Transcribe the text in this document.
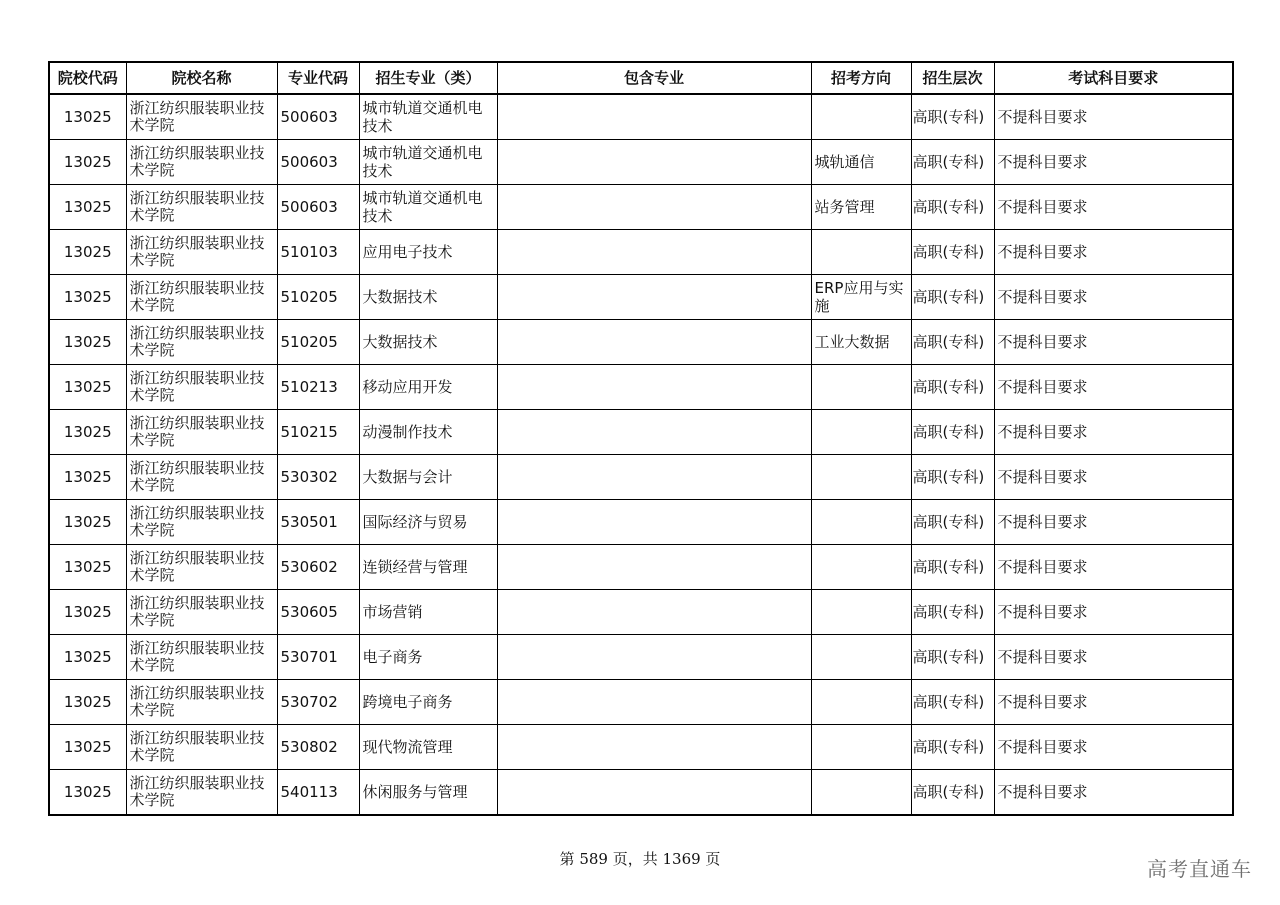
院校代码	院校名称	专业代码	招生专业（类）	包含专业	招考方向	招生层次	考试科目要求
13025	浙江纺织服装职业技术学院	500603	城市轨道交通机电技术			高职(专科)	不提科目要求
13025	浙江纺织服装职业技术学院	500603	城市轨道交通机电技术		城轨通信	高职(专科)	不提科目要求
13025	浙江纺织服装职业技术学院	500603	城市轨道交通机电技术		站务管理	高职(专科)	不提科目要求
13025	浙江纺织服装职业技术学院	510103	应用电子技术			高职(专科)	不提科目要求
13025	浙江纺织服装职业技术学院	510205	大数据技术		ERP应用与实施	高职(专科)	不提科目要求
13025	浙江纺织服装职业技术学院	510205	大数据技术		工业大数据	高职(专科)	不提科目要求
13025	浙江纺织服装职业技术学院	510213	移动应用开发			高职(专科)	不提科目要求
13025	浙江纺织服装职业技术学院	510215	动漫制作技术			高职(专科)	不提科目要求
13025	浙江纺织服装职业技术学院	530302	大数据与会计			高职(专科)	不提科目要求
13025	浙江纺织服装职业技术学院	530501	国际经济与贸易			高职(专科)	不提科目要求
13025	浙江纺织服装职业技术学院	530602	连锁经营与管理			高职(专科)	不提科目要求
13025	浙江纺织服装职业技术学院	530605	市场营销			高职(专科)	不提科目要求
13025	浙江纺织服装职业技术学院	530701	电子商务			高职(专科)	不提科目要求
13025	浙江纺织服装职业技术学院	530702	跨境电子商务			高职(专科)	不提科目要求
13025	浙江纺织服装职业技术学院	530802	现代物流管理			高职(专科)	不提科目要求
13025	浙江纺织服装职业技术学院	540113	休闲服务与管理			高职(专科)	不提科目要求
第 589 页，共 1369 页	高考直通车
